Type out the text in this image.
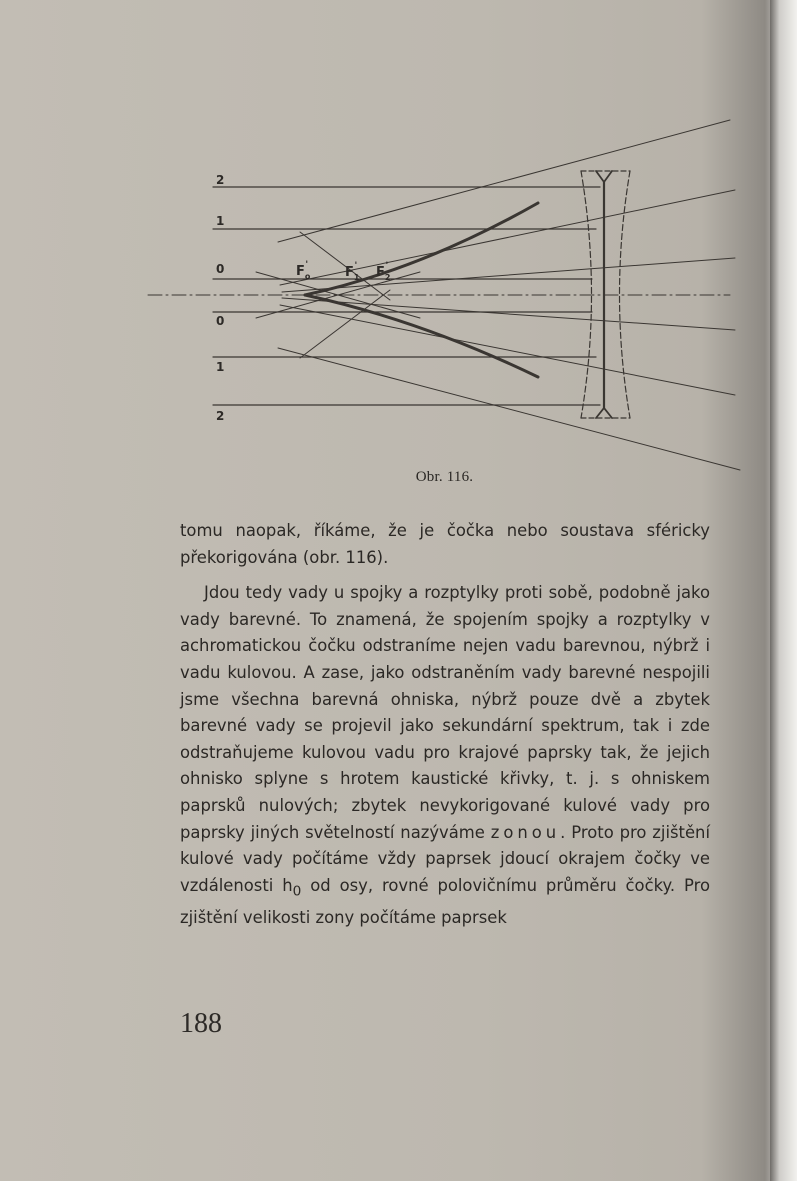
2
1
0
0
1
2
$F_o'$	$F_1'$ $F_2'$
Obr. 116.

tomu naopak, říkáme, že je čočka nebo soustava sféricky překorigována (obr. 116).

Jdou tedy vady u spojky a rozptylky proti sobě, podobně jako vady barevné. To znamená, že spojením spojky a rozptylky v achromatickou čočku odstraníme nejen vadu barevnou, nýbrž i vadu kulovou. A zase, jako odstraněním vady barevné nespojili jsme všechna barevná ohniska, nýbrž pouze dvě a zbytek barevné vady se projevil jako sekundární spektrum, tak i zde odstraňujeme kulovou vadu pro krajové paprsky tak, že jejich ohnisko splyne s hrotem kaustické křivky, t. j. s ohniskem paprsků nulových; zbytek nevykorigované kulové vady pro paprsky jiných světelností nazýváme zonou. Proto pro zjištění kulové vady počítáme vždy paprsek jdoucí okrajem čočky ve vzdálenosti $h_0$ od osy, rovné polovičnímu průměru čočky. Pro zjištění velikosti zony počítáme paprsek

188
